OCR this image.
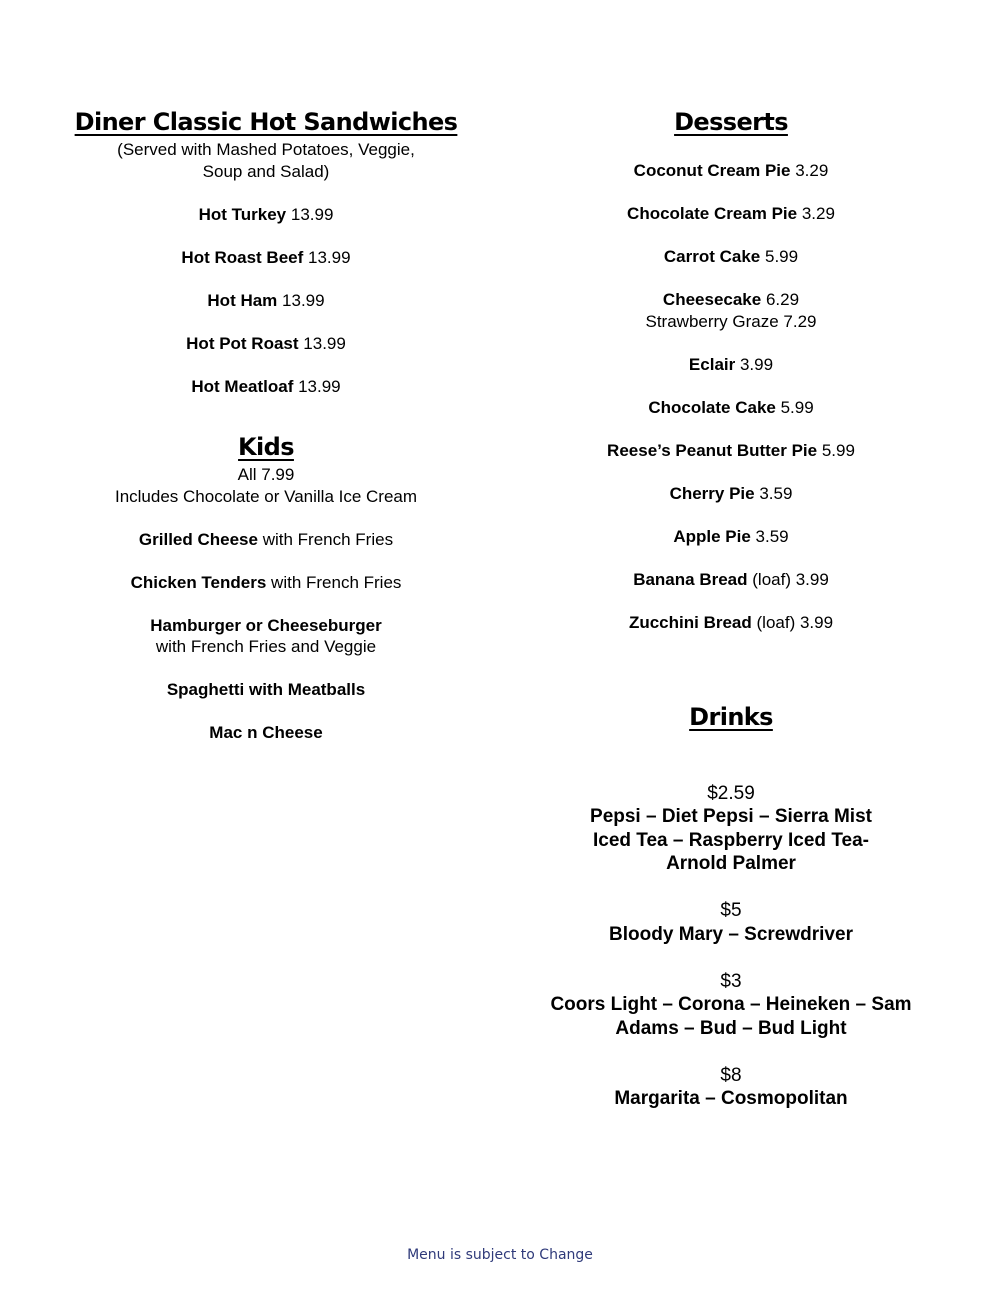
Diner Classic Hot Sandwiches

(Served with Mashed Potatoes, Veggie,

Soup and Salad)

Hot Turkey 13.99

Hot Roast Beef 13.99

Hot Ham 13.99

Hot Pot Roast 13.99

Hot Meatloaf 13.99

Kids

All 7.99

Includes Chocolate or Vanilla Ice Cream

Grilled Cheese with French Fries

Chicken Tenders with French Fries

Hamburger or Cheeseburger
with French Fries and Veggie

Spaghetti with Meatballs

Mac n Cheese

Desserts

Coconut Cream Pie 3.29

Chocolate Cream Pie 3.29

Carrot Cake 5.99

Cheesecake 6.29
Strawberry Graze 7.29

Eclair 3.99

Chocolate Cake 5.99

Reese’s Peanut Butter Pie 5.99

Cherry Pie 3.59

Apple Pie 3.59

Banana Bread (loaf) 3.99

Zucchini Bread (loaf) 3.99

Drinks
$2.59
Pepsi – Diet Pepsi – Sierra Mist
Iced Tea – Raspberry Iced Tea-
Arnold Palmer
$5
Bloody Mary – Screwdriver
$3
Coors Light – Corona – Heineken – Sam
Adams – Bud – Bud Light
$8
Margarita – Cosmopolitan
Menu is subject to Change
